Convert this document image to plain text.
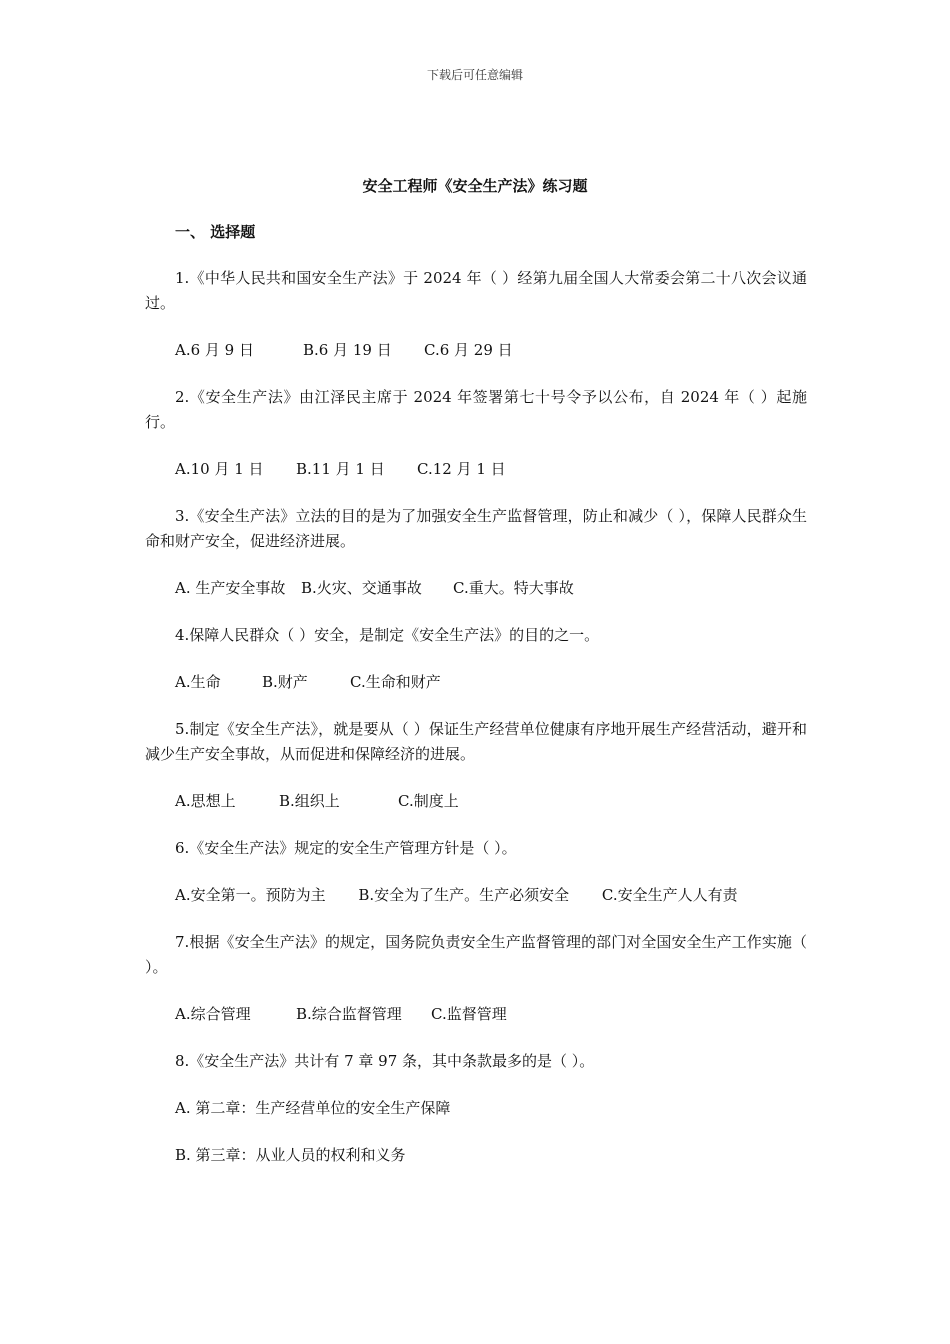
下载后可任意编辑
安全工程师《安全生产法》练习题
一、 选择题

1.《中华人民共和国安全生产法》于 2024 年（ ）经第九届全国人大常委会第二十八次会议通过。

A.6 月 9 日	B.6 月 19 日	C.6 月 29 日

2.《安全生产法》由江泽民主席于 2024 年签署第七十号令予以公布，自 2024 年（ ）起施行。

A.10 月 1 日	B.11 月 1 日	C.12 月 1 日

3.《安全生产法》立法的目的是为了加强安全生产监督管理，防止和减少（ ），保障人民群众生命和财产安全，促进经济进展。

A. 生产安全事故	B.火灾、交通事故	C.重大。特大事故

4.保障人民群众（ ）安全，是制定《安全生产法》的目的之一。

A.生命	B.财产	C.生命和财产

5.制定《安全生产法》，就是要从（ ）保证生产经营单位健康有序地开展生产经营活动，避开和减少生产安全事故，从而促进和保障经济的进展。

A.思想上	B.组织上	C.制度上

6.《安全生产法》规定的安全生产管理方针是（ ）。

A.安全第一。预防为主 B.安全为了生产。生产必须安全 C.安全生产人人有责

7.根据《安全生产法》的规定，国务院负责安全生产监督管理的部门对全国安全生产工作实施（ ）。

A.综合管理	B.综合监督管理	C.监督管理

8.《安全生产法》共计有 7 章 97 条，其中条款最多的是（ ）。

A. 第二章：生产经营单位的安全生产保障
B. 第三章：从业人员的权利和义务
